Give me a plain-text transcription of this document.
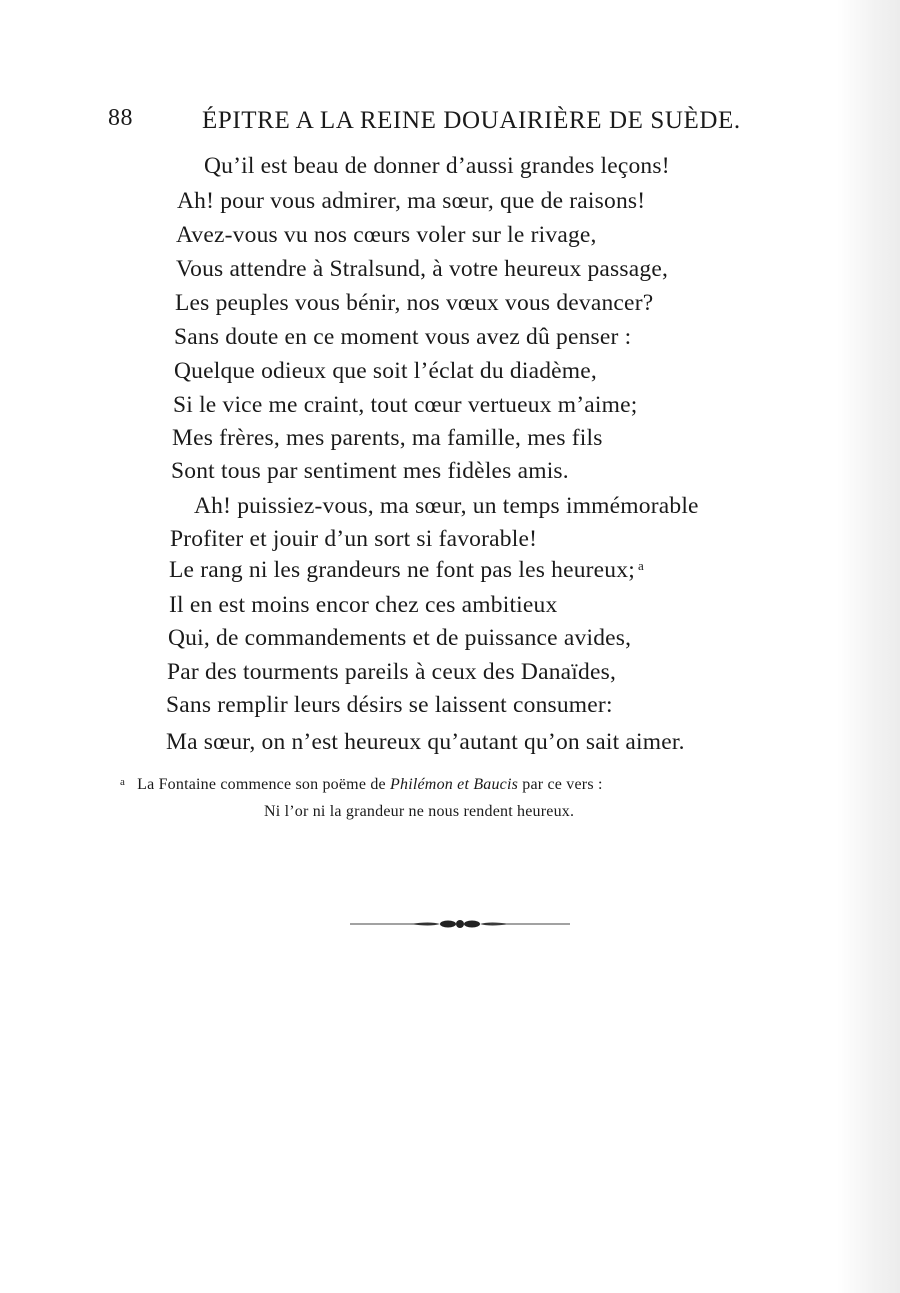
88	ÉPITRE A LA REINE DOUAIRIÈRE DE SUÈDE.
Qu’il est beau de donner d’aussi grandes leçons!
Ah! pour vous admirer, ma sœur, que de raisons!
Avez-vous vu nos cœurs voler sur le rivage,
Vous attendre à Stralsund, à votre heureux passage,
Les peuples vous bénir, nos vœux vous devancer?
Sans doute en ce moment vous avez dû penser :
Quelque odieux que soit l’éclat du diadème,
Si le vice me craint, tout cœur vertueux m’aime;
Mes frères, mes parents, ma famille, mes fils
Sont tous par sentiment mes fidèles amis.
Ah! puissiez-vous, ma sœur, un temps immémorable
Profiter et jouir d’un sort si favorable!
Le rang ni les grandeurs ne font pas les heureux; $^a$
Il en est moins encor chez ces ambitieux
Qui, de commandements et de puissance avides,
Par des tourments pareils à ceux des Danaïdes,
Sans remplir leurs désirs se laissent consumer:
Ma sœur, on n’est heureux qu’autant qu’on sait aimer.
$^a$ La Fontaine commence son poëme de Philémon et Baucis par ce vers :
Ni l’or ni la grandeur ne nous rendent heureux.
